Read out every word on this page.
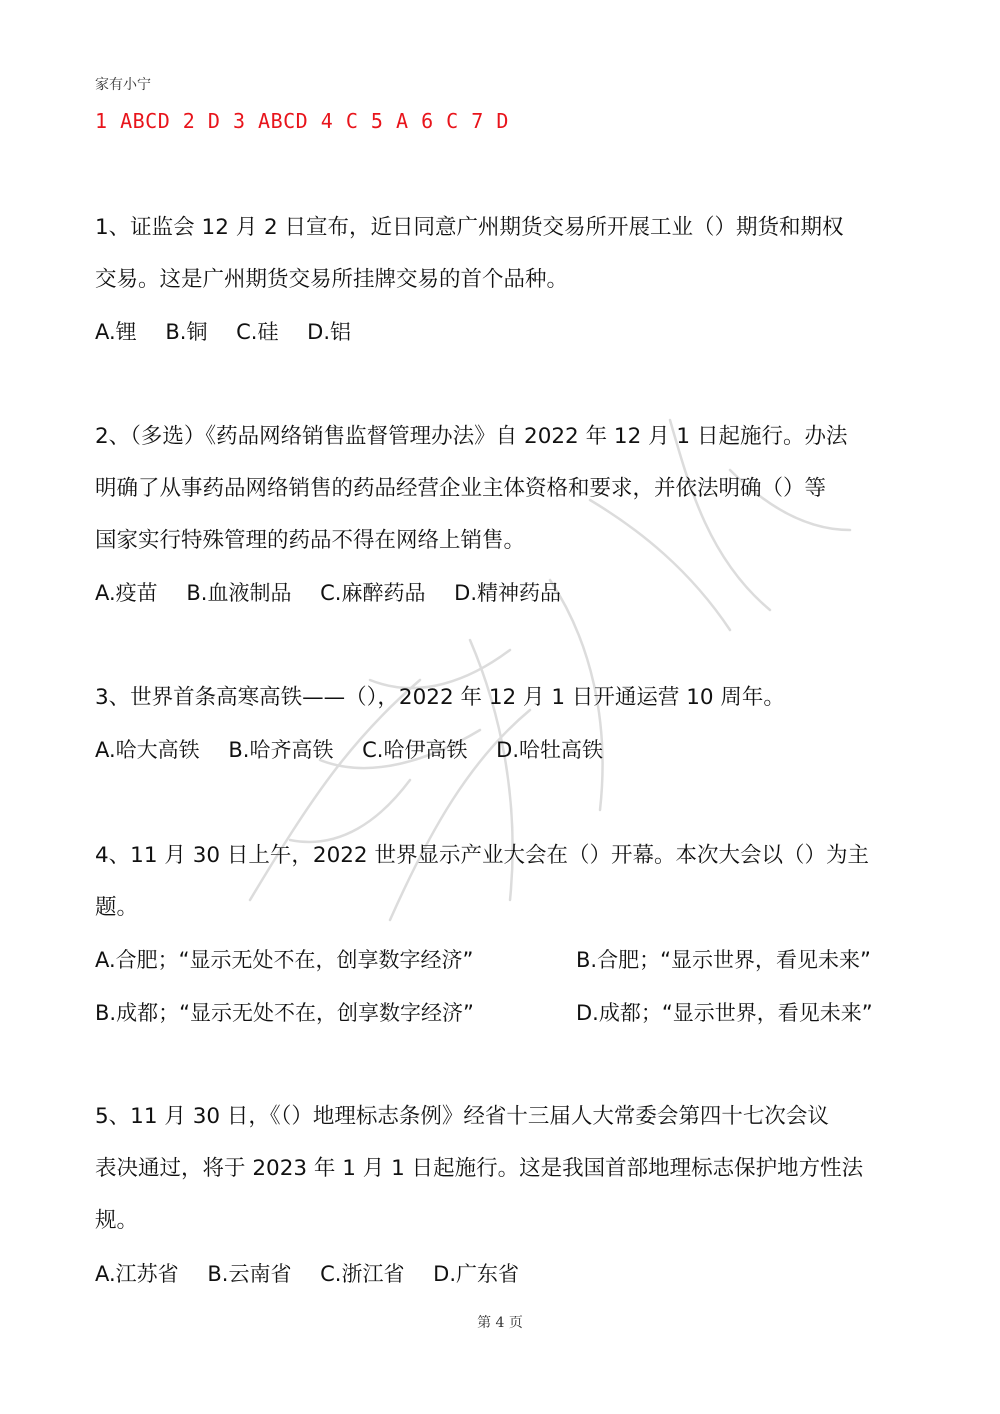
家有小宁
1 ABCD 2 D 3 ABCD 4 C 5 A 6 C 7 D
1、证监会 12 月 2 日宣布，近日同意广州期货交易所开展工业（）期货和期权
交易。这是广州期货交易所挂牌交易的首个品种。
A.锂 B.铜 C.硅 D.铝
2、（多选）《药品网络销售监督管理办法》自 2022 年 12 月 1 日起施行。办法
明确了从事药品网络销售的药品经营企业主体资格和要求，并依法明确（）等
国家实行特殊管理的药品不得在网络上销售。
A.疫苗 B.血液制品 C.麻醉药品 D.精神药品
3、世界首条高寒高铁——（），2022 年 12 月 1 日开通运营 10 周年。
A.哈大高铁 B.哈齐高铁 C.哈伊高铁 D.哈牡高铁
4、11 月 30 日上午，2022 世界显示产业大会在（）开幕。本次大会以（）为主
题。
A.合肥；“显示无处不在，创享数字经济”	B.合肥；“显示世界，看见未来”
B.成都；“显示无处不在，创享数字经济”	D.成都；“显示世界，看见未来”
5、11 月 30 日，《（）地理标志条例》经省十三届人大常委会第四十七次会议
表决通过，将于 2023 年 1 月 1 日起施行。这是我国首部地理标志保护地方性法
规。
A.江苏省 B.云南省 C.浙江省 D.广东省
第 4 页
